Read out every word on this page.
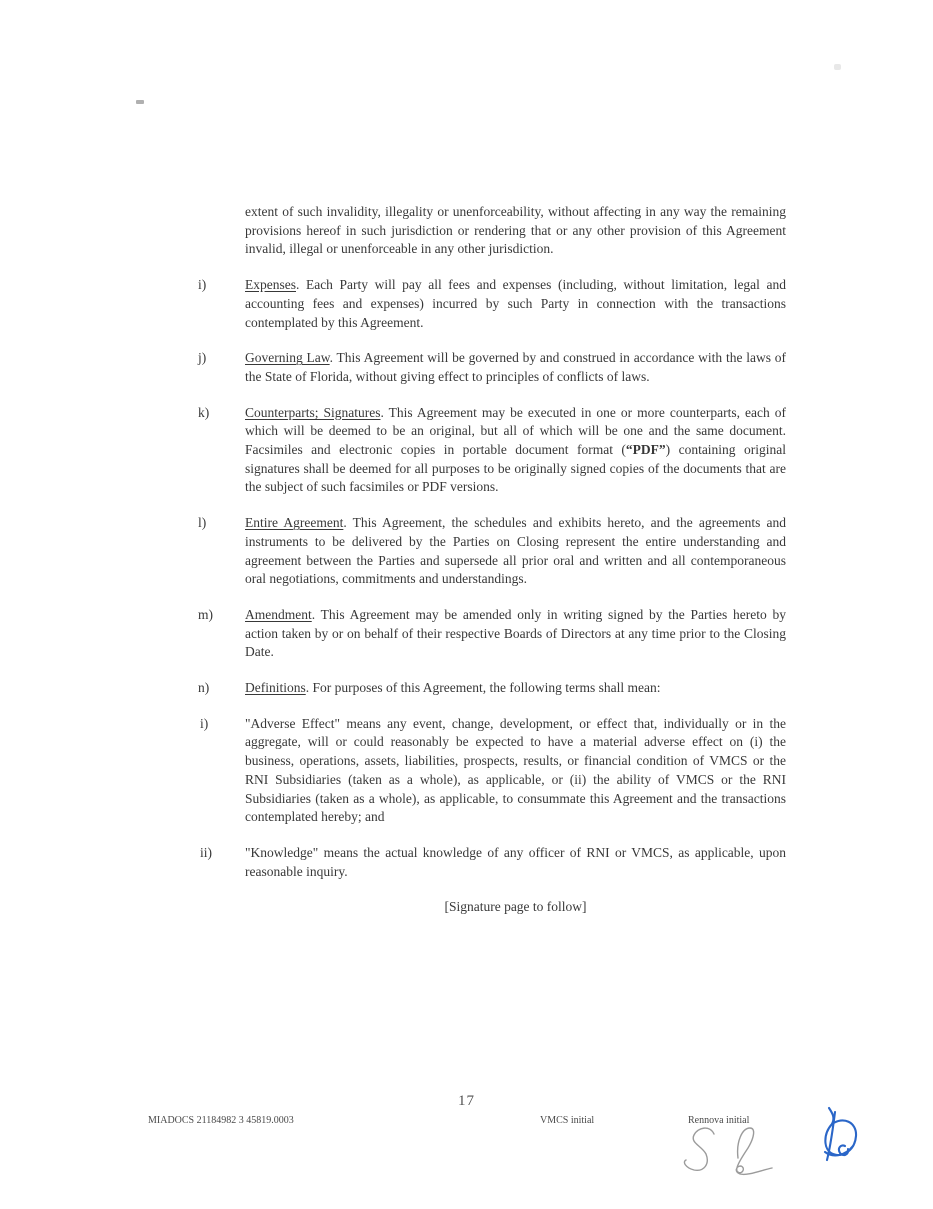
extent of such invalidity, illegality or unenforceability, without affecting in any way the remaining provisions hereof in such jurisdiction or rendering that or any other provision of this Agreement invalid, illegal or unenforceable in any other jurisdiction.

i)	Expenses. Each Party will pay all fees and expenses (including, without limitation, legal and accounting fees and expenses) incurred by such Party in connection with the transactions contemplated by this Agreement.

j)	Governing Law. This Agreement will be governed by and construed in accordance with the laws of the State of Florida, without giving effect to principles of conflicts of laws.

k)	Counterparts; Signatures. This Agreement may be executed in one or more counterparts, each of which will be deemed to be an original, but all of which will be one and the same document. Facsimiles and electronic copies in portable document format (“PDF”) containing original signatures shall be deemed for all purposes to be originally signed copies of the documents that are the subject of such facsimiles or PDF versions.

l)	Entire Agreement. This Agreement, the schedules and exhibits hereto, and the agreements and instruments to be delivered by the Parties on Closing represent the entire understanding and agreement between the Parties and supersede all prior oral and written and all contemporaneous oral negotiations, commitments and understandings.

m) Amendment. This Agreement may be amended only in writing signed by the Parties hereto by action taken by or on behalf of their respective Boards of Directors at any time prior to the Closing Date.

n)	Definitions. For purposes of this Agreement, the following terms shall mean:

i)	"Adverse Effect" means any event, change, development, or effect that, individually or in the aggregate, will or could reasonably be expected to have a material adverse effect on (i) the business, operations, assets, liabilities, prospects, results, or financial condition of VMCS or the RNI Subsidiaries (taken as a whole), as applicable, or (ii) the ability of VMCS or the RNI Subsidiaries (taken as a whole), as applicable, to consummate this Agreement and the transactions contemplated hereby; and

ii) "Knowledge" means the actual knowledge of any officer of RNI or VMCS, as applicable, upon reasonable inquiry.

[Signature page to follow]

17
MIADOCS 21184982 3 45819.0003	VMCS initial	Rennova initial
